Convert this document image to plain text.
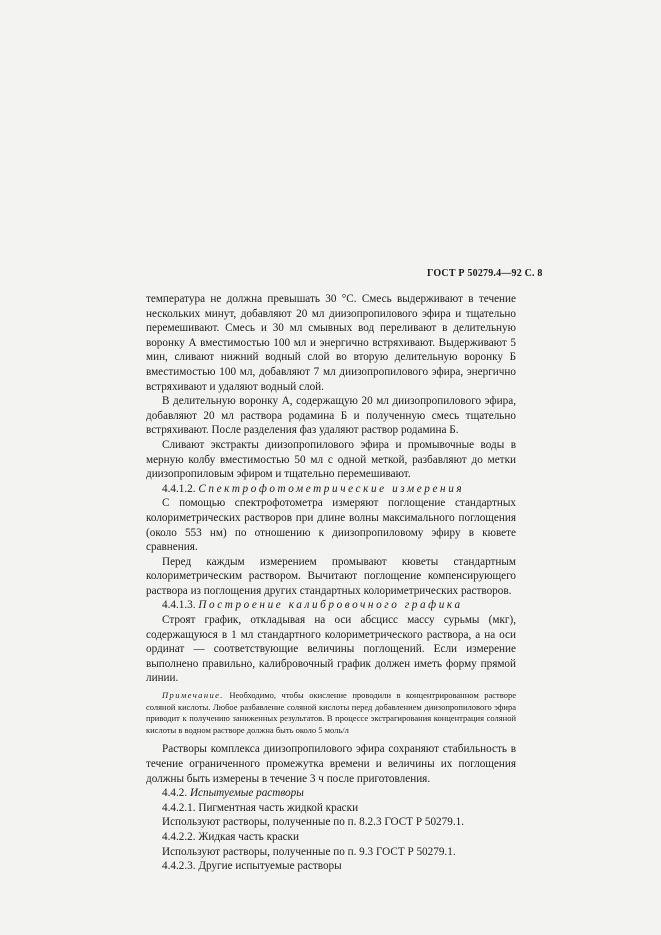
ГОСТ Р 50279.4—92 С. 8

температура не должна превышать 30 °С. Смесь выдерживают в течение нескольких минут, добавляют 20 мл диизопропилового эфира и тщательно перемешивают. Смесь и 30 мл смывных вод переливают в делительную воронку А вместимостью 100 мл и энергично встряхивают. Выдерживают 5 мин, сливают нижний водный слой во вторую делительную воронку Б вместимостью 100 мл, добавляют 7 мл диизопропилового эфира, энергично встряхивают и удаляют водный слой.

В делительную воронку А, содержащую 20 мл диизопропилового эфира, добавляют 20 мл раствора родамина Б и полученную смесь тщательно встряхивают. После разделения фаз удаляют раствор родамина Б.

Сливают экстракты диизопропилового эфира и промывочные воды в мерную колбу вместимостью 50 мл с одной меткой, разбавляют до метки диизопропиловым эфиром и тщательно перемешивают.

4.4.1.2. Спектрофотометрические измерения

С помощью спектрофотометра измеряют поглощение стандартных колориметрических растворов при длине волны максимального поглощения (около 553 нм) по отношению к диизопропиловому эфиру в кювете сравнения.

Перед каждым измерением промывают кюветы стандартным колориметрическим раствором. Вычитают поглощение компенсирующего раствора из поглощения других стандартных колориметрических растворов.

4.4.1.3. Построение калибровочного графика

Строят график, откладывая на оси абсцисс массу сурьмы (мкг), содержащуюся в 1 мл стандартного колориметрического раствора, а на оси ординат — соответствующие величины поглощений. Если измерение выполнено правильно, калибровочный график должен иметь форму прямой линии.

Примечание. Необходимо, чтобы окисление проводили в концентрированном растворе соляной кислоты. Любое разбавление соляной кислоты перед добавлением диизопропилового эфира приводит к получению заниженных результатов. В процессе экстрагирования концентрация соляной кислоты в водном растворе должна быть около 5 моль/л

Растворы комплекса диизопропилового эфира сохраняют стабильность в течение ограниченного промежутка времени и величины их поглощения должны быть измерены в течение 3 ч после приготовления.

4.4.2. Испытуемые растворы

4.4.2.1. Пигментная часть жидкой краски

Используют растворы, полученные по п. 8.2.3 ГОСТ Р 50279.1.

4.4.2.2. Жидкая часть краски

Используют растворы, полученные по п. 9.3 ГОСТ Р 50279.1.

4.4.2.3. Другие испытуемые растворы
